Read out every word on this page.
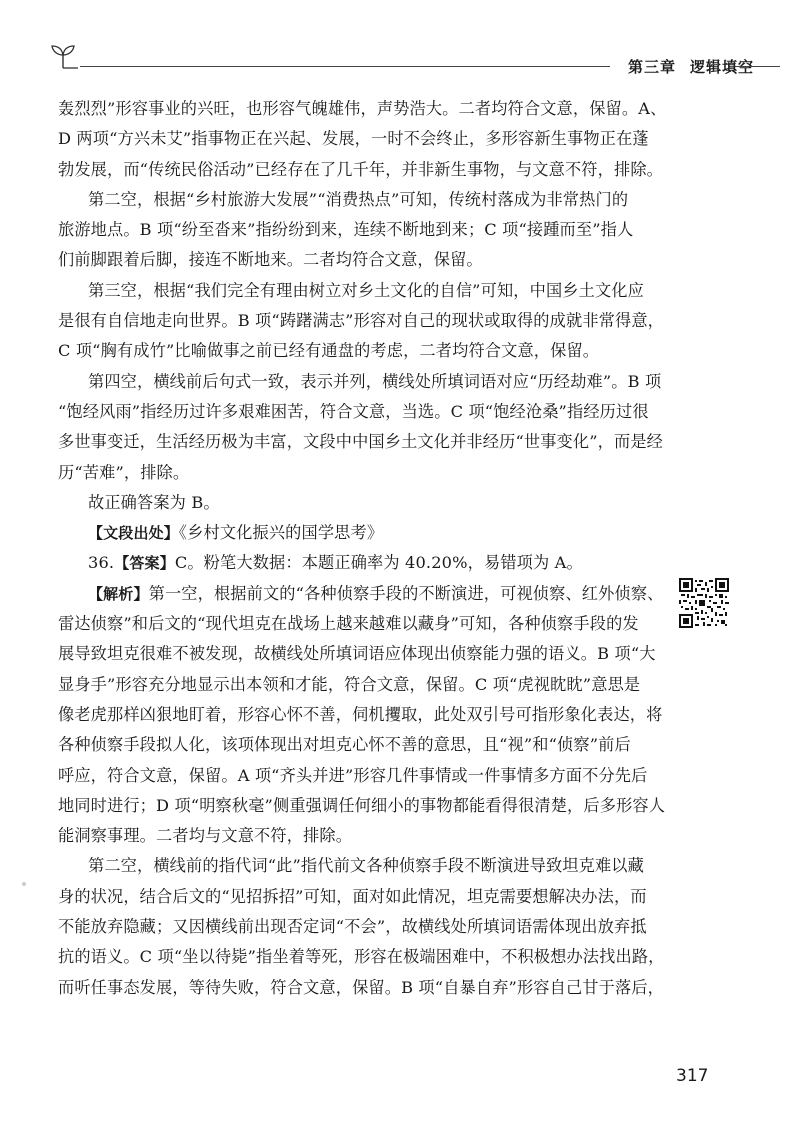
第三章 逻辑填空
轰烈烈”形容事业的兴旺，也形容气魄雄伟，声势浩大。二者均符合文意，保留。A、
D 两项“方兴未艾”指事物正在兴起、发展，一时不会终止，多形容新生事物正在蓬
勃发展，而“传统民俗活动”已经存在了几千年，并非新生事物，与文意不符，排除。
第二空，根据“乡村旅游大发展”“消费热点”可知，传统村落成为非常热门的
旅游地点。B 项“纷至沓来”指纷纷到来，连续不断地到来；C 项“接踵而至”指人
们前脚跟着后脚，接连不断地来。二者均符合文意，保留。
第三空，根据“我们完全有理由树立对乡土文化的自信”可知，中国乡土文化应
是很有自信地走向世界。B 项“踌躇满志”形容对自己的现状或取得的成就非常得意，
C 项“胸有成竹”比喻做事之前已经有通盘的考虑，二者均符合文意，保留。
第四空，横线前后句式一致，表示并列，横线处所填词语对应“历经劫难”。B 项
“饱经风雨”指经历过许多艰难困苦，符合文意，当选。C 项“饱经沧桑”指经历过很
多世事变迁，生活经历极为丰富，文段中中国乡土文化并非经历“世事变化”，而是经
历“苦难”，排除。
故正确答案为 B。
【文段出处】《乡村文化振兴的国学思考》
36.【答案】C。粉笔大数据：本题正确率为 40.20%，易错项为 A。
【解析】第一空，根据前文的“各种侦察手段的不断演进，可视侦察、红外侦察、
雷达侦察”和后文的“现代坦克在战场上越来越难以藏身”可知，各种侦察手段的发
展导致坦克很难不被发现，故横线处所填词语应体现出侦察能力强的语义。B 项“大
显身手”形容充分地显示出本领和才能，符合文意，保留。C 项“虎视眈眈”意思是
像老虎那样凶狠地盯着，形容心怀不善，伺机攫取，此处双引号可指形象化表达，将
各种侦察手段拟人化，该项体现出对坦克心怀不善的意思，且“视”和“侦察”前后
呼应，符合文意，保留。A 项“齐头并进”形容几件事情或一件事情多方面不分先后
地同时进行；D 项“明察秋毫”侧重强调任何细小的事物都能看得很清楚，后多形容人
能洞察事理。二者均与文意不符，排除。
第二空，横线前的指代词“此”指代前文各种侦察手段不断演进导致坦克难以藏
身的状况，结合后文的“见招拆招”可知，面对如此情况，坦克需要想解决办法，而
不能放弃隐藏；又因横线前出现否定词“不会”，故横线处所填词语需体现出放弃抵
抗的语义。C 项“坐以待毙”指坐着等死，形容在极端困难中，不积极想办法找出路，
而听任事态发展，等待失败，符合文意，保留。B 项“自暴自弃”形容自己甘于落后，
317
